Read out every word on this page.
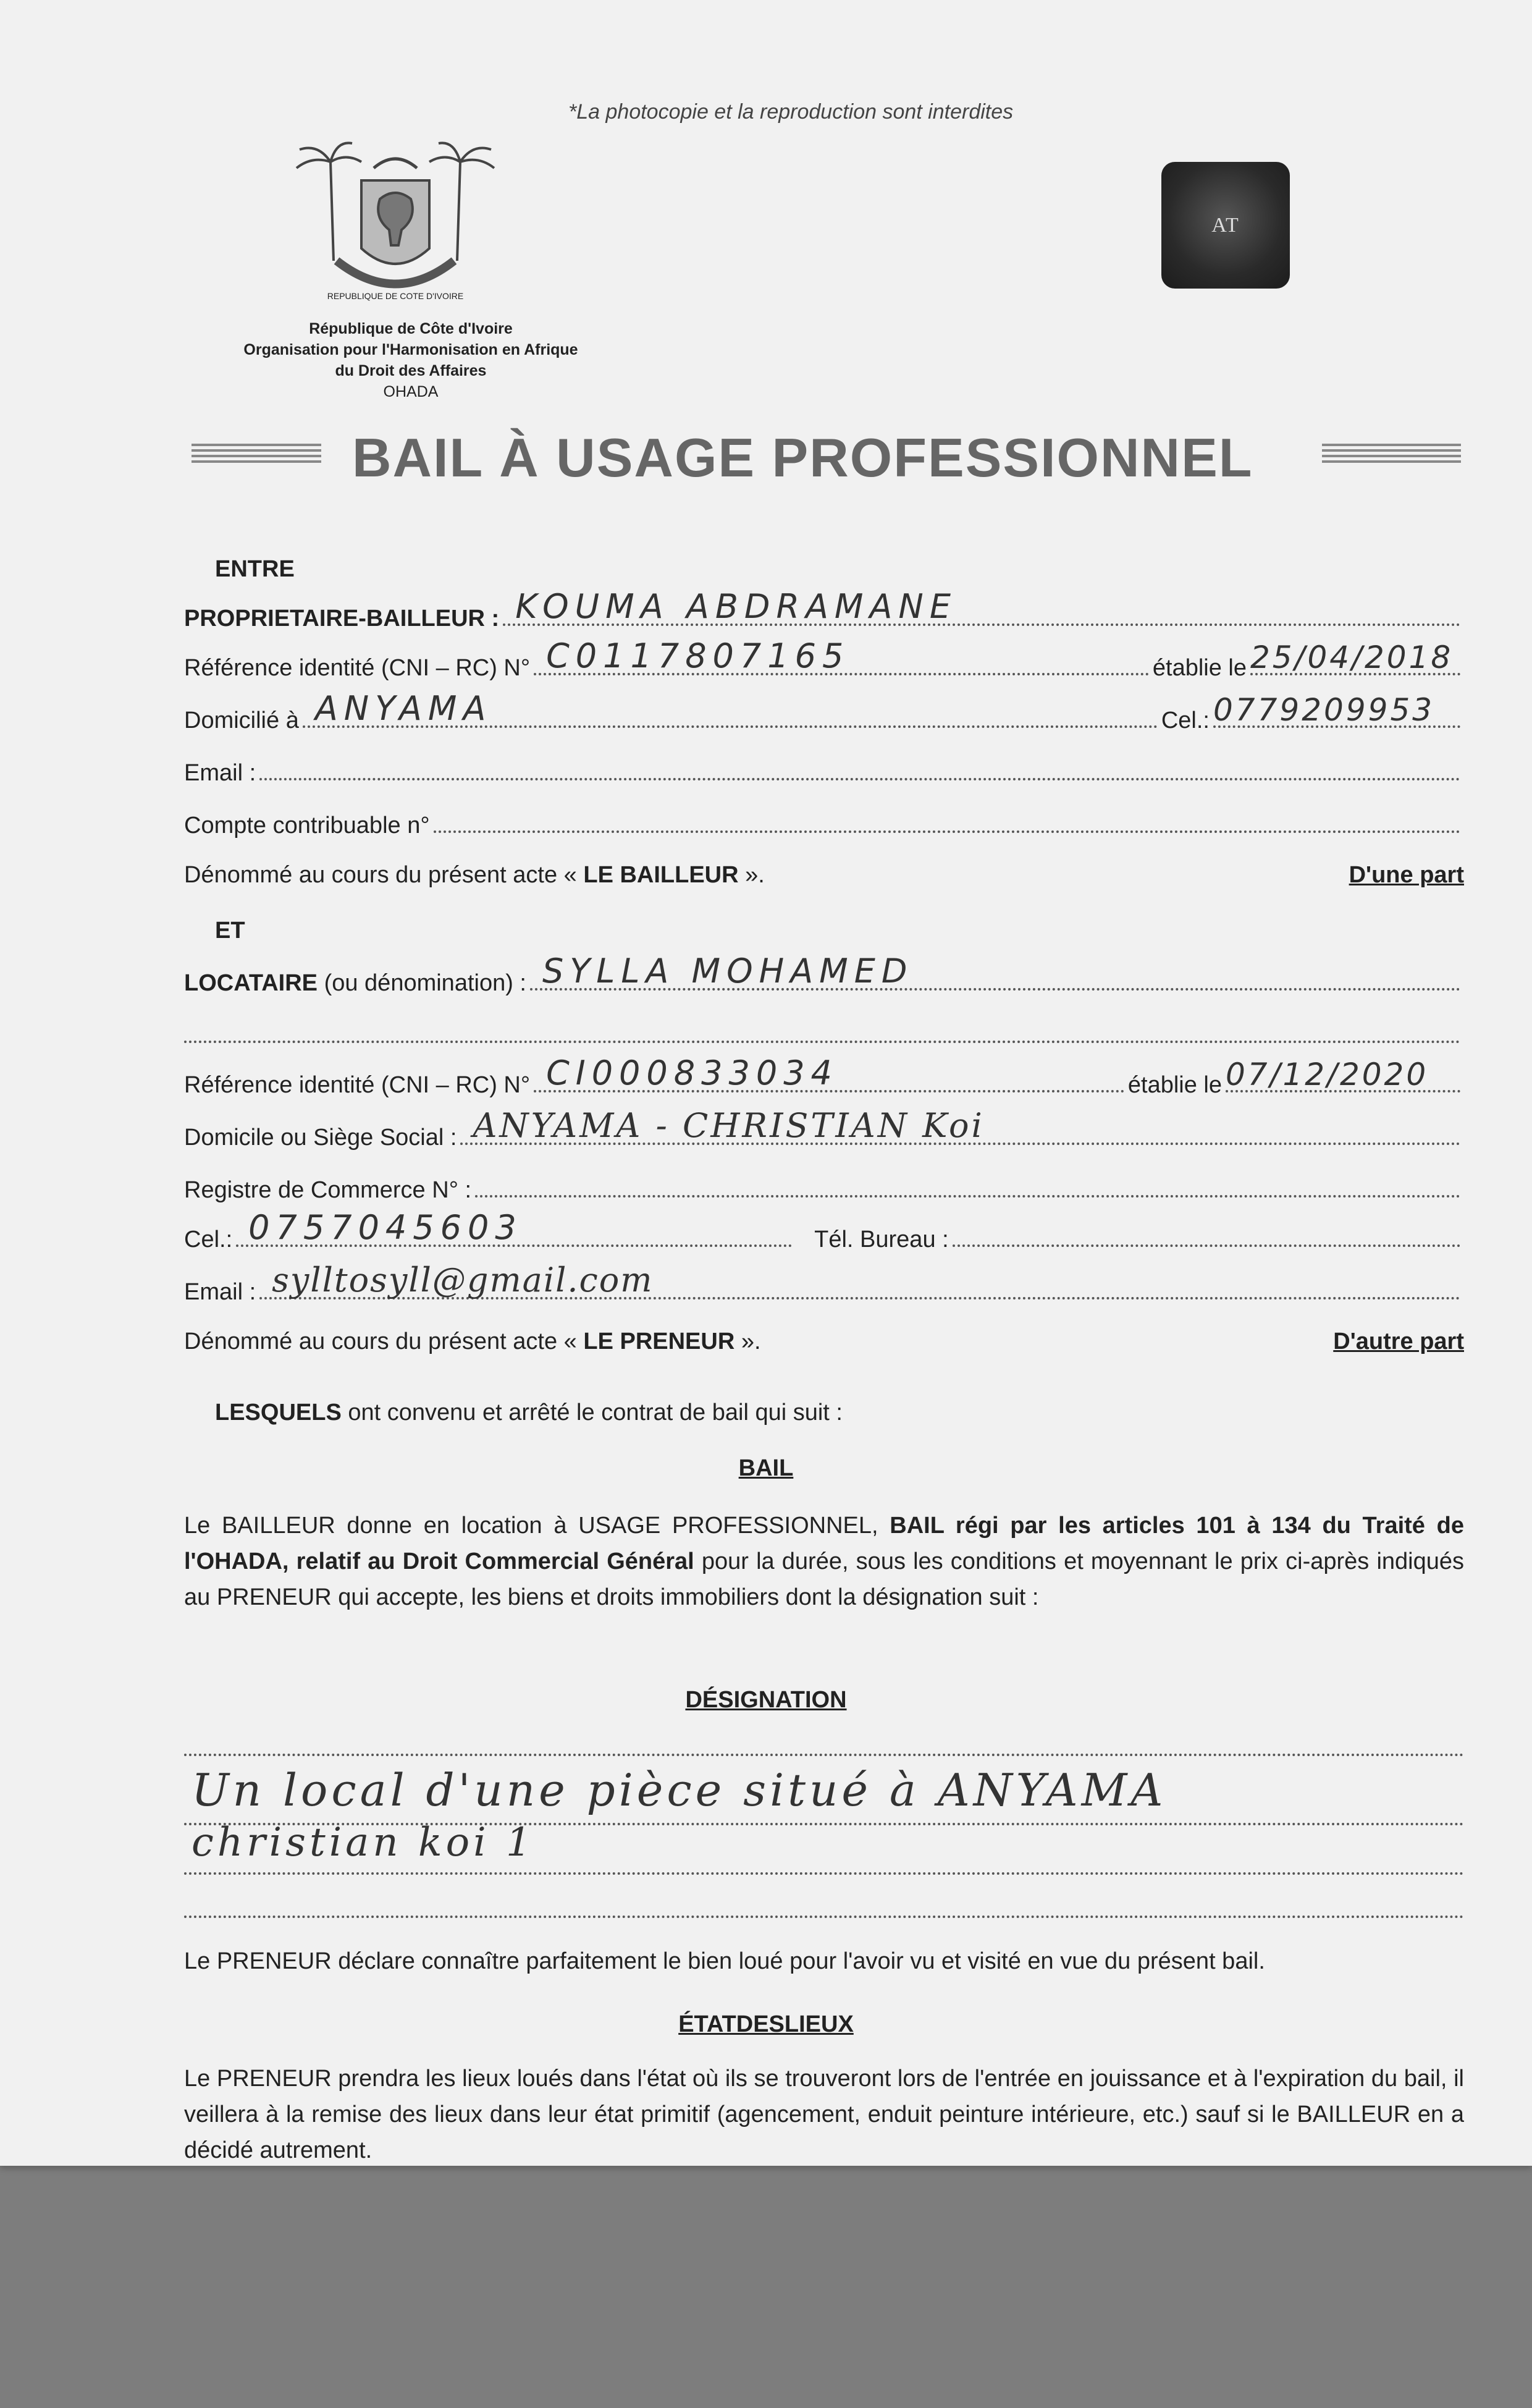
*La photocopie et la reproduction sont interdites
REPUBLIQUE DE COTE D'IVOIRE
AT
République de Côte d'Ivoire
Organisation pour l'Harmonisation en Afrique
du Droit des Affaires
OHADA
BAIL À USAGE PROFESSIONNEL
ENTRE
PROPRIETAIRE-BAILLEUR : KOUMA ABDRAMANE
Référence identité (CNI – RC) N° C0117807165	établie le 25/04/2018
Domicilié à ANYAMA	Cel.: 0779209953
Email :
Compte contribuable n°
Dénommé au cours du présent acte « LE BAILLEUR ».	D'une part
ET
LOCATAIRE (ou dénomination) : SYLLA MOHAMED
Référence identité (CNI – RC) N° CI000833034	établie le 07/12/2020
Domicile ou Siège Social : ANYAMA - CHRISTIAN Koi
Registre de Commerce N° :
Cel.: 0757045603	Tél. Bureau :
Email : sylltosyll@gmail.com
Dénommé au cours du présent acte « LE PRENEUR ».	D'autre part
LESQUELS ont convenu et arrêté le contrat de bail qui suit :
BAIL
Le BAILLEUR donne en location à USAGE PROFESSIONNEL, BAIL régi par les articles 101 à 134 du Traité de l'OHADA, relatif au Droit Commercial Général pour la durée, sous les conditions et moyennant le prix ci-après indiqués au PRENEUR qui accepte, les biens et droits immobiliers dont la désignation suit :
DÉSIGNATION
Un local d'une pièce situé à ANYAMA
christian koi 1
Le PRENEUR déclare connaître parfaitement le bien loué pour l'avoir vu et visité en vue du présent bail.
ÉTATDESLIEUX
Le PRENEUR prendra les lieux loués dans l'état où ils se trouveront lors de l'entrée en jouissance et à l'expiration du bail, il veillera à la remise des lieux dans leur état primitif (agencement, enduit peinture intérieure, etc.) sauf si le BAILLEUR en a décidé autrement.
